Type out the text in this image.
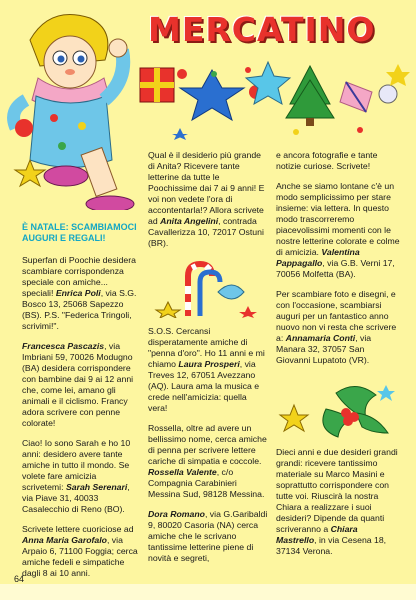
MERCATINO
È NATALE: SCAMBIAMOCI AUGURI E REGALI!

Superfan di Poochie desidera scambiare corrispondenza speciale con amiche... speciali! Enrica Poli, via S.G. Bosco 13, 25068 Sapezzo (BS). P.S. "Federica Tringoli, scrivimi!".

Francesca Pascazis, via Imbriani 59, 70026 Modugno (BA) desidera corrispondere con bambine dai 9 ai 12 anni che, come lei, amano gli animali e il ciclismo. Francy adora scrivere con penne colorate!

Ciao! Io sono Sarah e ho 10 anni: desidero avere tante amiche in tutto il mondo. Se volete fare amicizia scrivetemi: Sarah Serenari, via Piave 31, 40033 Casalecchio di Reno (BO).

Scrivete lettere cuoriciose ad Anna Maria Garofalo, via Arpaio 6, 71100 Foggia; cerca amiche fedeli e simpatiche dagli 8 ai 10 anni.

Qual è il desiderio più grande di Anita? Ricevere tante letterine da tutte le Poochissime dai 7 ai 9 anni! E voi non vedete l'ora di accontentarla!? Allora scrivete ad Anita Angelini, contrada Cavallerizza 10, 72017 Ostuni (BR).

S.O.S. Cercansi disperatamente amiche di "penna d'oro". Ho 11 anni e mi chiamo Laura Prosperi, via Treves 12, 67051 Avezzano (AQ). Laura ama la musica e crede nell'amicizia: quella vera!

Rossella, oltre ad avere un bellissimo nome, cerca amiche di penna per scrivere lettere cariche di simpatia e coccole. Rossella Valente, c/o Compagnia Carabinieri Messina Sud, 98128 Messina.

Dora Romano, via G.Garibaldi 9, 80020 Casoria (NA) cerca amiche che le scrivano tantissime letterine piene di novità e segreti,

e ancora fotografie e tante notizie curiose. Scrivete!

Anche se siamo lontane c'è un modo semplicissimo per stare insieme: via lettera. In questo modo trascorreremo piacevolissimi momenti con le nostre letterine colorate e colme di amicizia. Valentina Pappagallo, via G.B. Verni 17, 70056 Molfetta (BA).

Per scambiare foto e disegni, e con l'occasione, scambiarsi auguri per un fantastico anno nuovo non vi resta che scrivere a: Annamaria Conti, via Manara 32, 37057 San Giovanni Lupatoto (VR).

Dieci anni e due desideri grandi grandi: ricevere tantissimo materiale su Marco Masini e soprattutto corrispondere con tutte voi. Riuscirà la nostra Chiara a realizzare i suoi desideri? Dipende da quanti scriveranno a Chiara Mastrello, in via Cesena 18, 37134 Verona.

64
